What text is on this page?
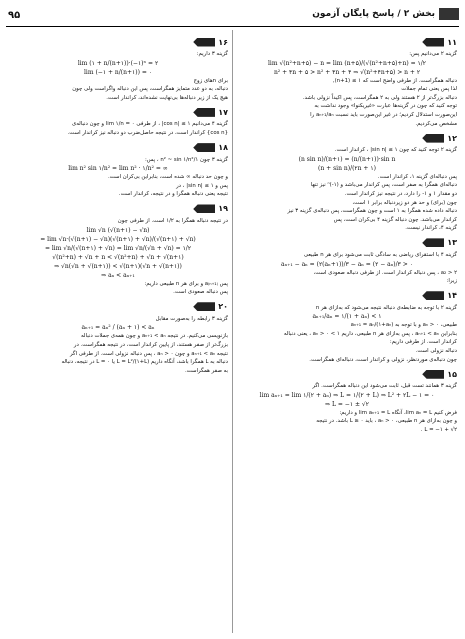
۹۵	بخش ۲ / پاسخ پایگان آزمون
۱۱

گزینه ۲ می‌دانیم پس:

lim √(n²+n+۵) − n = lim (n+۵)/(√(n²+n+۵)+n) = ۱/۲
n² + ۴n + ۵ > n² + ۴n + ۴ ⇒ √(n²+۴n+۵) > n + ۲

دنباله همگراست. از طرفی واضح است که ۱ ≥ ‎ ,(n+1)‎

لذا پس یعنی تمام جملات

دنباله بزرگ‌تر از ۲ هستند ولی به ۲ همگراست، پس اکیداً نزولی باشد.

توجه کنید که چون در گزینه‌ها عبارت «غیریکنوا» وجود نداشت به

این‌صورت استدلال کردیم؛ در غیر این‌صورت باید نسبت aₙ₊₁/aₙ را

مشخص می‌کردیم.

۱۲

گزینه ۲ توجه کنید که چون ۱ ≥ |sin n| ، کراندار است.

(n sin n)/(n+۱) = (n/(n+۱))·sin n
(n + sin n)/(۲n + ۱)

پس دنباله‌ای گزینه ۱، کراندار است.

دنباله‌ای همگرا به صفر است، پس کراندار می‌باشد و (۱-)ⁿ نیز تنها

دو مقدار ۱ و ۱- را دارد، در نتیجه نیز کراندار است.

چون (برای) و حد هر دو زیردنباله برابر ۱ است،

دنباله داده شده همگرا به ۱ است و چون همگراست، پس دنباله‌ی گزینه ۳ نیز

کراندار می‌باشد. چون دنباله گزینه ۴ بی‌کران است، پس

گزینه ۴، کراندار نیست.

۱۳

گزینه ۴ با استقرای ریاضی به سادگی ثابت می‌شود برای هر n طبیعی

aₙ₊₁ − aₙ = (۲(aₙ+۱))/۳ − aₙ = (۲ − aₙ)/۳ > ۰

a₂ > ۲ ، پس دنباله کراندار است. از طرفی دنباله صعودی است،

زیرا:

۱۴

گزینه ۲ با توجه به ضابطه‌ی دنباله نتیجه می‌شود که به‌ازای هر n

aₙ₊₁/aₙ = ۱/(۱ + aₙ) < ۱

طبیعی، aₙ > ۰ و با توجه به aₙ₊₁ = aₙ/(۱+aₙ)

بنابراین aₙ₊₁ < aₙ ، پس به‌ازای هر n طبیعی، داریم ۱ > aₙ > ۰ ، یعنی دنباله

کراندار است. از طرفی داریم:

دنباله نزولی است.

چون دنباله‌ی موردنظر، نزولی و کراندار است، دنباله‌ای همگراست.

۱۵

گزینه ۳ همانند تست قبل، ثابت می‌شود این دنباله همگراست. اگر

lim aₙ₊₁ = lim ۱/(۲ + aₙ) ⇒ L = ۱/(۲ + L) ⇒ L² + ۲L − ۱ = ۰
⇒ L = −۱ ± √۲

فرض کنیم lim aₙ = L، آنگاه lim aₙ₊₁ = L و داریم:

و چون به‌ازای هر n طبیعی، aₙ > ۰ ، باید L ≥ ۰ باشد. در نتیجه

L = −۱ + √۲ .

۱۶

گزینه ۳ داریم:

lim (۱ + n/(n+۱))·(−۱)ⁿ = ۲
lim (−۱ + n/(n+۱)) = ۰

برای nهای زوج

دنباله، به دو عدد متمایز همگراست، پس این دنباله واگراست ولی چون

هیچ یک از زیر دنباله‌ها بی‌نهایت نشده‌اند، کراندار است.

۱۷

گزینه ۴ می‌دانیم ۱ ≥ |cos n| ، از طرفی lim ۱/n = ۰ و چون دنباله‌ی

{cos n} کراندار است، در نتیجه حاصل‌ضرب دو دنباله نیز کراندار است.

۱۸

گزینه ۳ چون ۱/n² ~ sin ۱/n² ، پس:

lim n² sin ۱/n² = lim n² · ۱/n² = ∞

و چون حد دنباله ∞ شده است، بنابراین بی‌کران است.

پس و ۱ ≥ |sin n| ، در

نتیجه یعنی دنباله همگرا و در نتیجه، کراندار است.

۱۹

در نتیجه دنباله همگرا به ۱/۲ است. از طرفی چون

lim √n (√(n+۱) − √n)
= lim √n·(√(n+۱) − √n)(√(n+۱) + √n)/(√(n+۱) + √n)
= lim √n/(√(n+۱) + √n) = lim √n/(√n + √n) = ۱/۲
√(n²+n) + √n + n < √(n²+n) + √n + √(n+۱)
⇒ √n(√n + √(n+۱)) < √(n+۱)(√n + √(n+۱))
⇒ aₙ < aₙ₊₁

پس a₍ₙ₊₁₎ و برای هر n طبیعی داریم:

پس دنباله صعودی است.

۲۰

گزینه ۳ رابطه را به‌صورت مقابل

aₙ₊₁ = aₙ² / (aₙ + ۱) < aₙ

بازنویسی می‌کنیم. در نتیجه aₙ₊₁ < aₙ و چون همه‌ی جملات دنباله

بزرگ‌تر از صفر هستند، از پایین کراندار است، در نتیجه همگراست. در

نتیجه aₙ₊₁ < aₙ و چون aₙ > ۰ ، پس دنباله نزولی است. از طرفی اگر

دنباله به L همگرا باشد، آنگاه داریم L = L²/(۱+L) یا L = ۰ در نتیجه، دنباله

به صفر همگراست.
